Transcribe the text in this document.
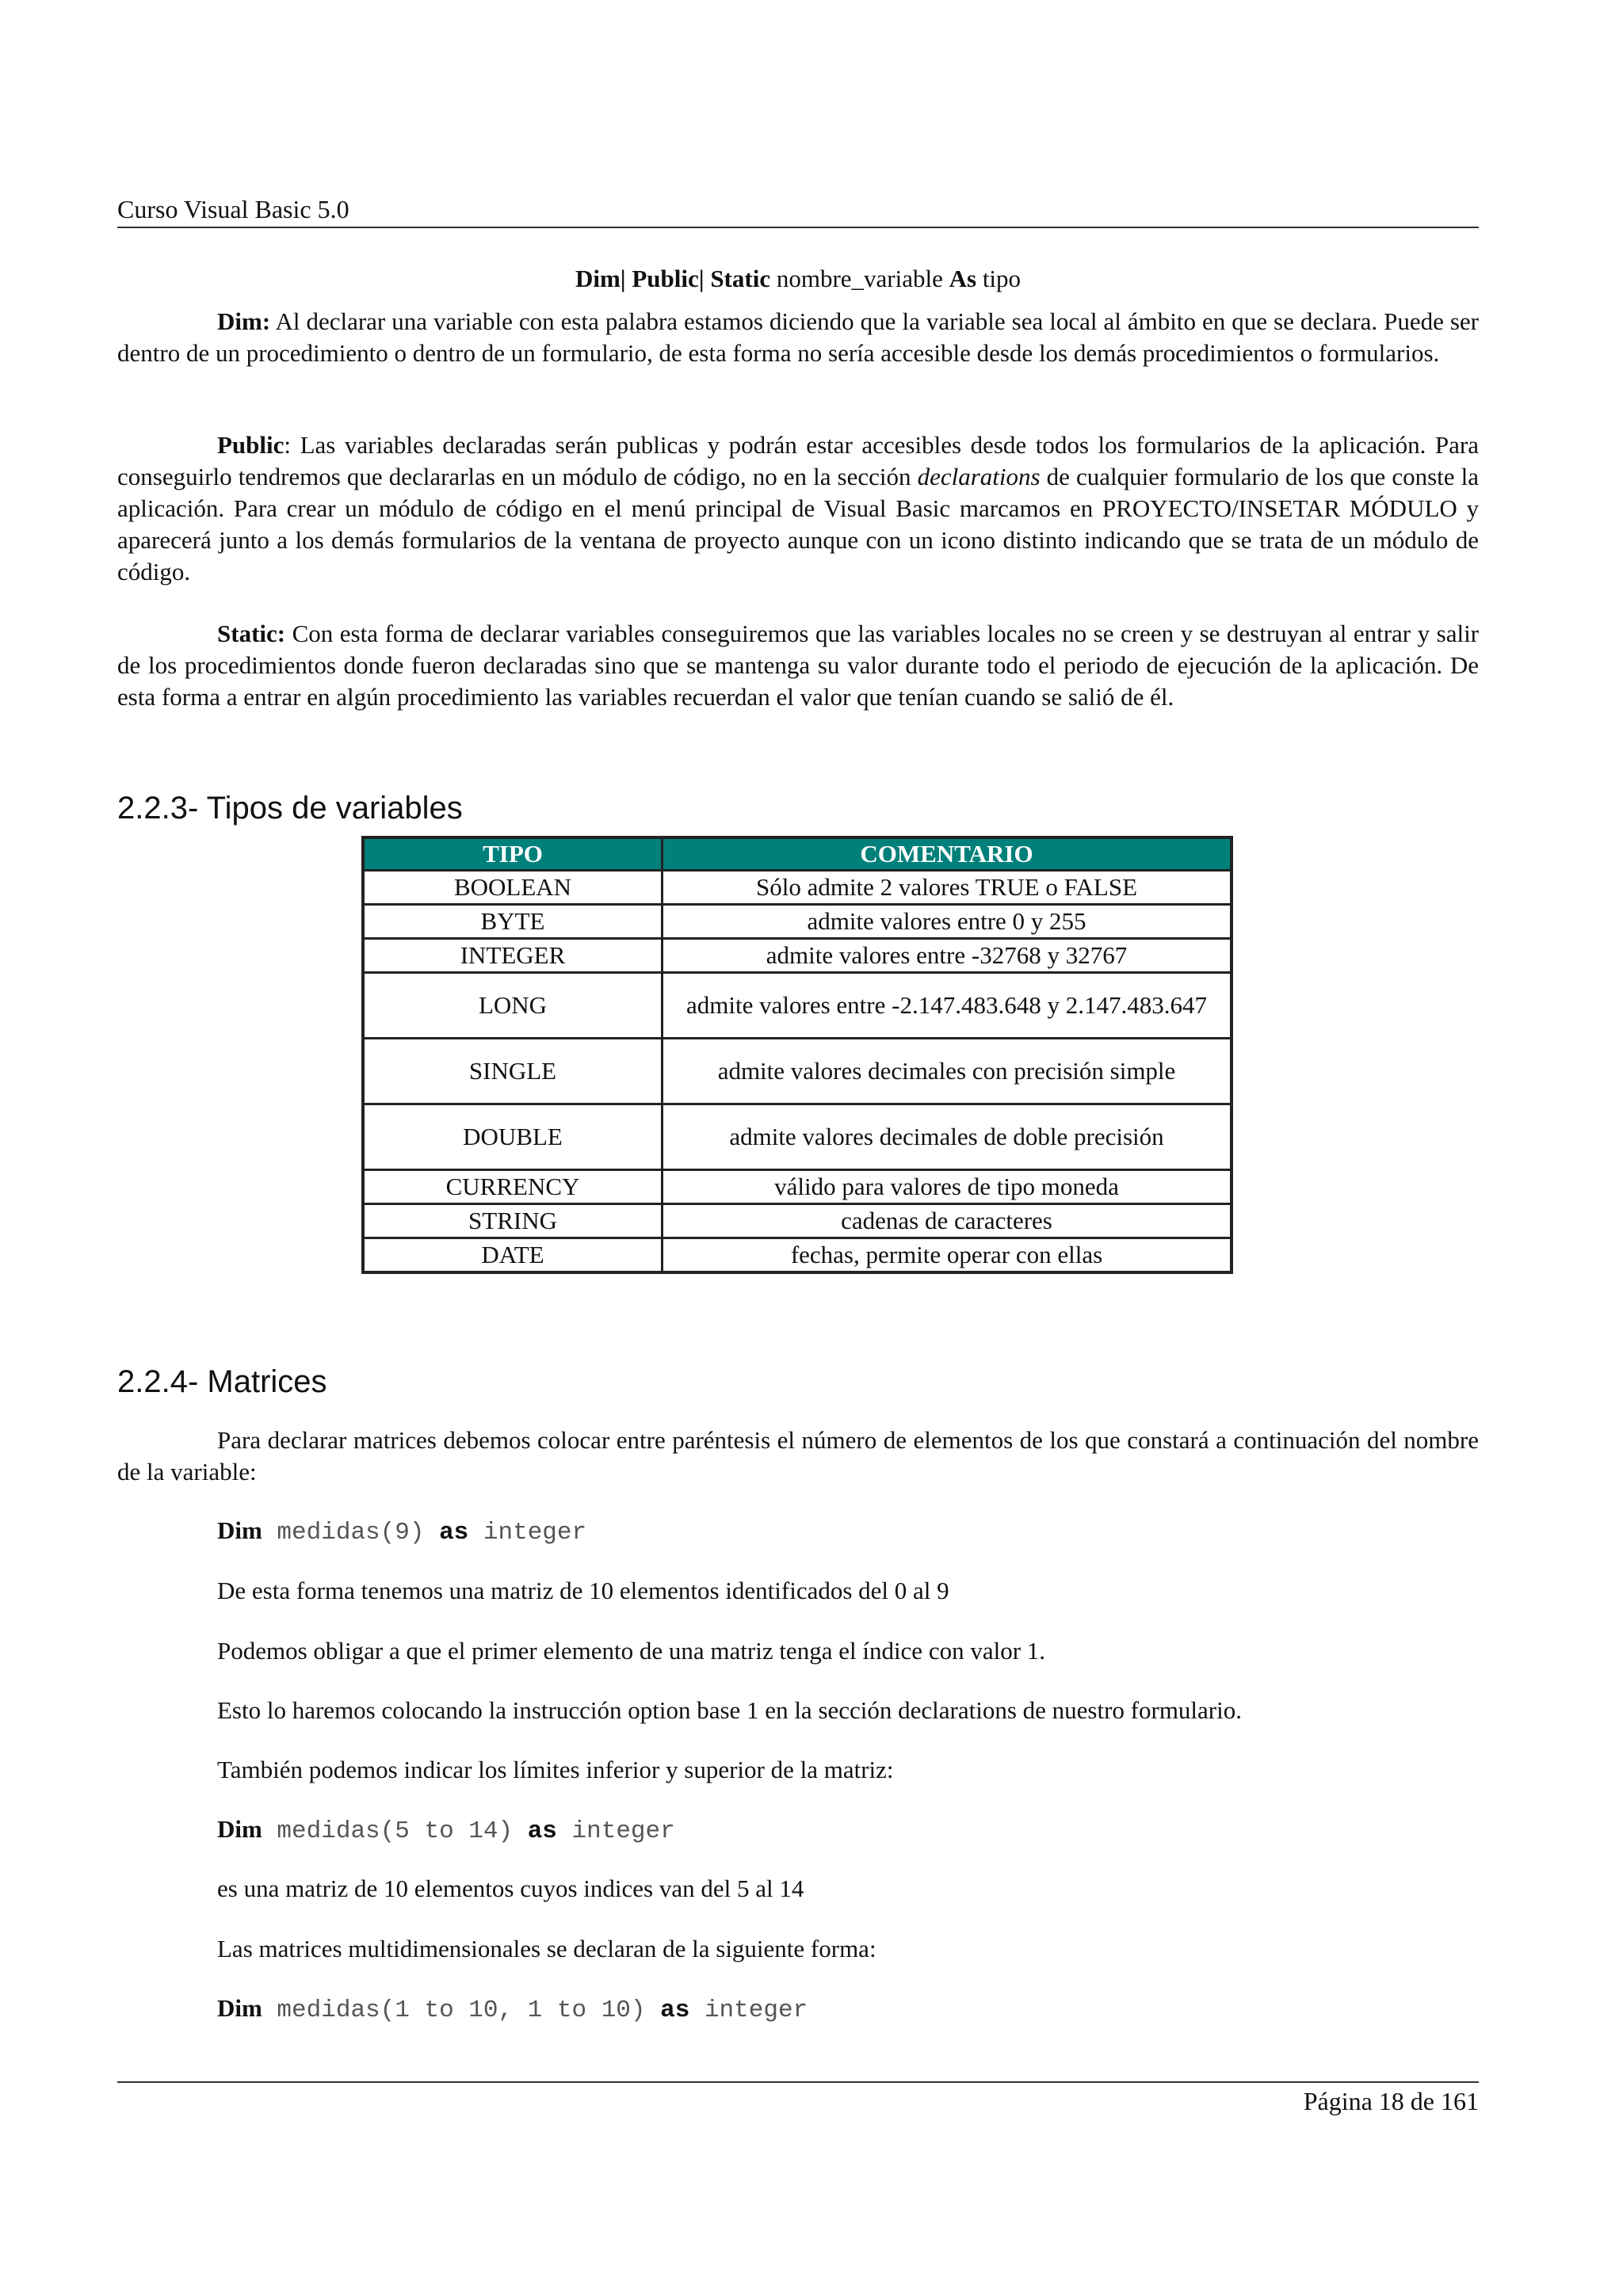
Curso Visual Basic 5.0
Dim| Public| Static nombre_variable As tipo

Dim: Al declarar una variable con esta palabra estamos diciendo que la variable sea local al ámbito en que se declara. Puede ser dentro de un procedimiento o dentro de un formulario, de esta forma no sería accesible desde los demás procedimientos o formularios.

Public: Las variables declaradas serán publicas y podrán estar accesibles desde todos los formularios de la aplicación. Para conseguirlo tendremos que declararlas en un módulo de código, no en la sección declarations de cualquier formulario de los que conste la aplicación. Para crear un módulo de código en el menú principal de Visual Basic marcamos en PROYECTO/INSETAR MÓDULO y aparecerá junto a los demás formularios de la ventana de proyecto aunque con un icono distinto indicando que se trata de un módulo de código.

Static: Con esta forma de declarar variables conseguiremos que las variables locales no se creen y se destruyan al entrar y salir de los procedimientos donde fueron declaradas sino que se mantenga su valor durante todo el periodo de ejecución de la aplicación. De esta forma a entrar en algún procedimiento las variables recuerdan el valor que tenían cuando se salió de él.

2.2.3- Tipos de variables
TIPO	COMENTARIO
BOOLEAN	Sólo admite 2 valores TRUE o FALSE
BYTE	admite valores entre 0 y 255
INTEGER	admite valores entre -32768 y 32767
LONG	admite valores entre -2.147.483.648 y 2.147.483.647
SINGLE	admite valores decimales con precisión simple
DOUBLE	admite valores decimales de doble precisión
CURRENCY	válido para valores de tipo moneda
STRING	cadenas de caracteres
DATE	fechas, permite operar con ellas
2.2.4- Matrices

Para declarar matrices debemos colocar entre paréntesis el número de elementos de los que constará a continuación del nombre de la variable:

Dim medidas(9) as integer
De esta forma tenemos una matriz de 10 elementos identificados del 0 al 9
Podemos obligar a que el primer elemento de una matriz tenga el índice con valor 1.
Esto lo haremos colocando la instrucción option base 1 en la sección declarations de nuestro formulario.
También podemos indicar los límites inferior y superior de la matriz:
Dim medidas(5 to 14) as integer
es una matriz de 10 elementos cuyos indices van del 5 al 14
Las matrices multidimensionales se declaran de la siguiente forma:
Dim medidas(1 to 10, 1 to 10) as integer
Página 18 de 161
